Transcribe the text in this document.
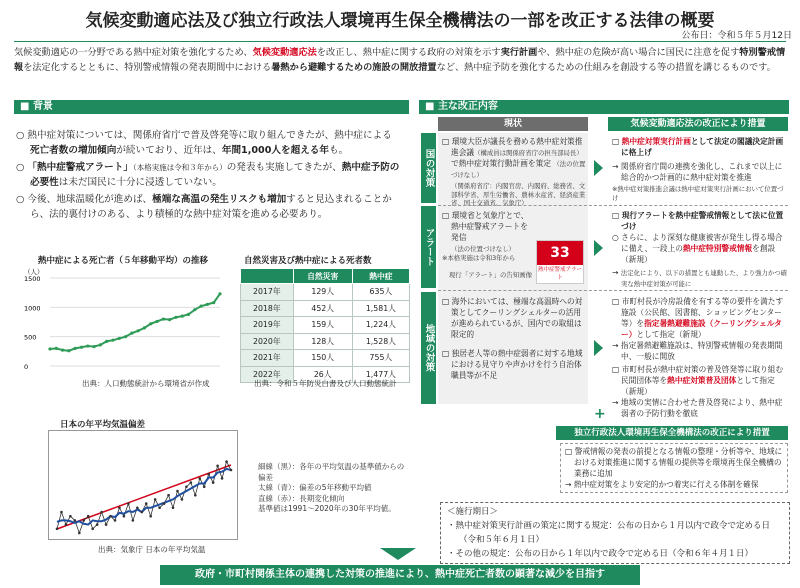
気候変動適応法及び独立行政法人環境再生保全機構法の一部を改正する法律の概要
公布日：令和５年５月12日
気候変動適応の一分野である熱中症対策を強化するため、気候変動適応法を改正し、熱中症に関する政府の対策を示す実行計画や、熱中症の危険が高い場合に国民に注意を促す特別警戒情報を法定化するとともに、特別警戒情報の発表期間中における暑熱から避難するための施設の開放措置など、熱中症予防を強化するための仕組みを創設する等の措置を講じるものです。
■ 背景
○ 熱中症対策については、関係府省庁で普及啓発等に取り組んできたが、熱中症による死亡者数の増加傾向が続いており、近年は、年間1,000人を超える年も。
○ 「熱中症警戒アラート」（本格実施は令和３年から）の発表も実施してきたが、熱中症予防の必要性は未だ国民に十分に浸透していない。
○ 今後、地球温暖化が進めば、極端な高温の発生リスクも増加すると見込まれることから、法的裏付けのある、より積極的な熱中症対策を進める必要あり。
熱中症による死亡者（５年移動平均）の推移
（人）
1500
1000
500
0
出典：人口動態統計から環境省が作成
自然災害及び熱中症による死者数
	自然災害	熱中症
2017年	129人	635人
2018年	452人	1,581人
2019年	159人	1,224人
2020年	128人	1,528人
2021年	150人	755人
2022年	26人	1,477人
出典：令和５年防災白書及び人口動態統計
日本の年平均気温偏差
出典：気象庁 日本の年平均気温
細線（黒）：各年の平均気温の基準値からの偏差
太線（青）：偏差の5年移動平均値
直線（赤）：長期変化傾向
基準値は1991～2020年の30年平均値。
■ 主な改正内容
現状	気候変動適応法の改正により措置
国の対策
アラート
地域の対策
□ 環境大臣が議長を務める熱中症対策推進会議（構成員は関係府省庁の担当部局長）で熱中症対策行動計画を策定 （法の位置づけなし）
（関係府省庁：内閣官房、内閣府、総務省、文部科学省、厚生労働省、農林水産省、経済産業省、国土交通省、気象庁）
□ 熱中症対策実行計画として法定の閣議決定計画に格上げ
→ 関係府省庁間の連携を強化し、これまで以上に総合的かつ計画的に熱中症対策を推進
※熱中症対策推進会議は熱中症対策実行計画において位置づけ
□ 環境省と気象庁とで、熱中症警戒アラートを発信 （法の位置づけなし）
※本格実施は令和3年から
現行「アラート」の告知画像
33
熱中症警戒アラート
□ 現行アラートを熱中症警戒情報として法に位置づけ
○ さらに、より深刻な健康被害が発生し得る場合に備え、一段上の熱中症特別警戒情報を創設（新規）
→ 法定化により、以下の措置とも連動した、より強力かつ確実な熱中症対策が可能に
□ 海外においては、極端な高温時への対策としてクーリングシェルターの活用が進められているが、国内での取組は限定的
□ 独居老人等の熱中症弱者に対する地域における見守りや声かけを行う自治体職員等が不足
□ 市町村長が冷房設備を有する等の要件を満たす施設（公民館、図書館、ショッピングセンター等）を指定暑熱避難施設（クーリングシェルター）として指定（新規）
→ 指定暑熱避難施設は、特別警戒情報の発表期間中、一般に開放
□ 市町村長が熱中症対策の普及啓発等に取り組む民間団体等を熱中症対策普及団体として指定（新規）
→ 地域の実情に合わせた普及啓発により、熱中症弱者の予防行動を徹底
+
独立行政法人環境再生保全機構法の改正により措置
□ 警戒情報の発表の前提となる情報の整理・分析等や、地域における対策推進に関する情報の提供等を環境再生保全機構の業務に追加
→ 熱中症対策をより安定的かつ着実に行える体制を確保
＜施行期日＞
・熱中症対策実行計画の策定に関する規定：公布の日から１月以内で政令で定める日
（令和５年６月１日）
・その他の規定：公布の日から１年以内で政令で定める日（令和６年４月１日）
政府・市町村関係主体の連携した対策の推進により、熱中症死亡者数の顕著な減少を目指す
